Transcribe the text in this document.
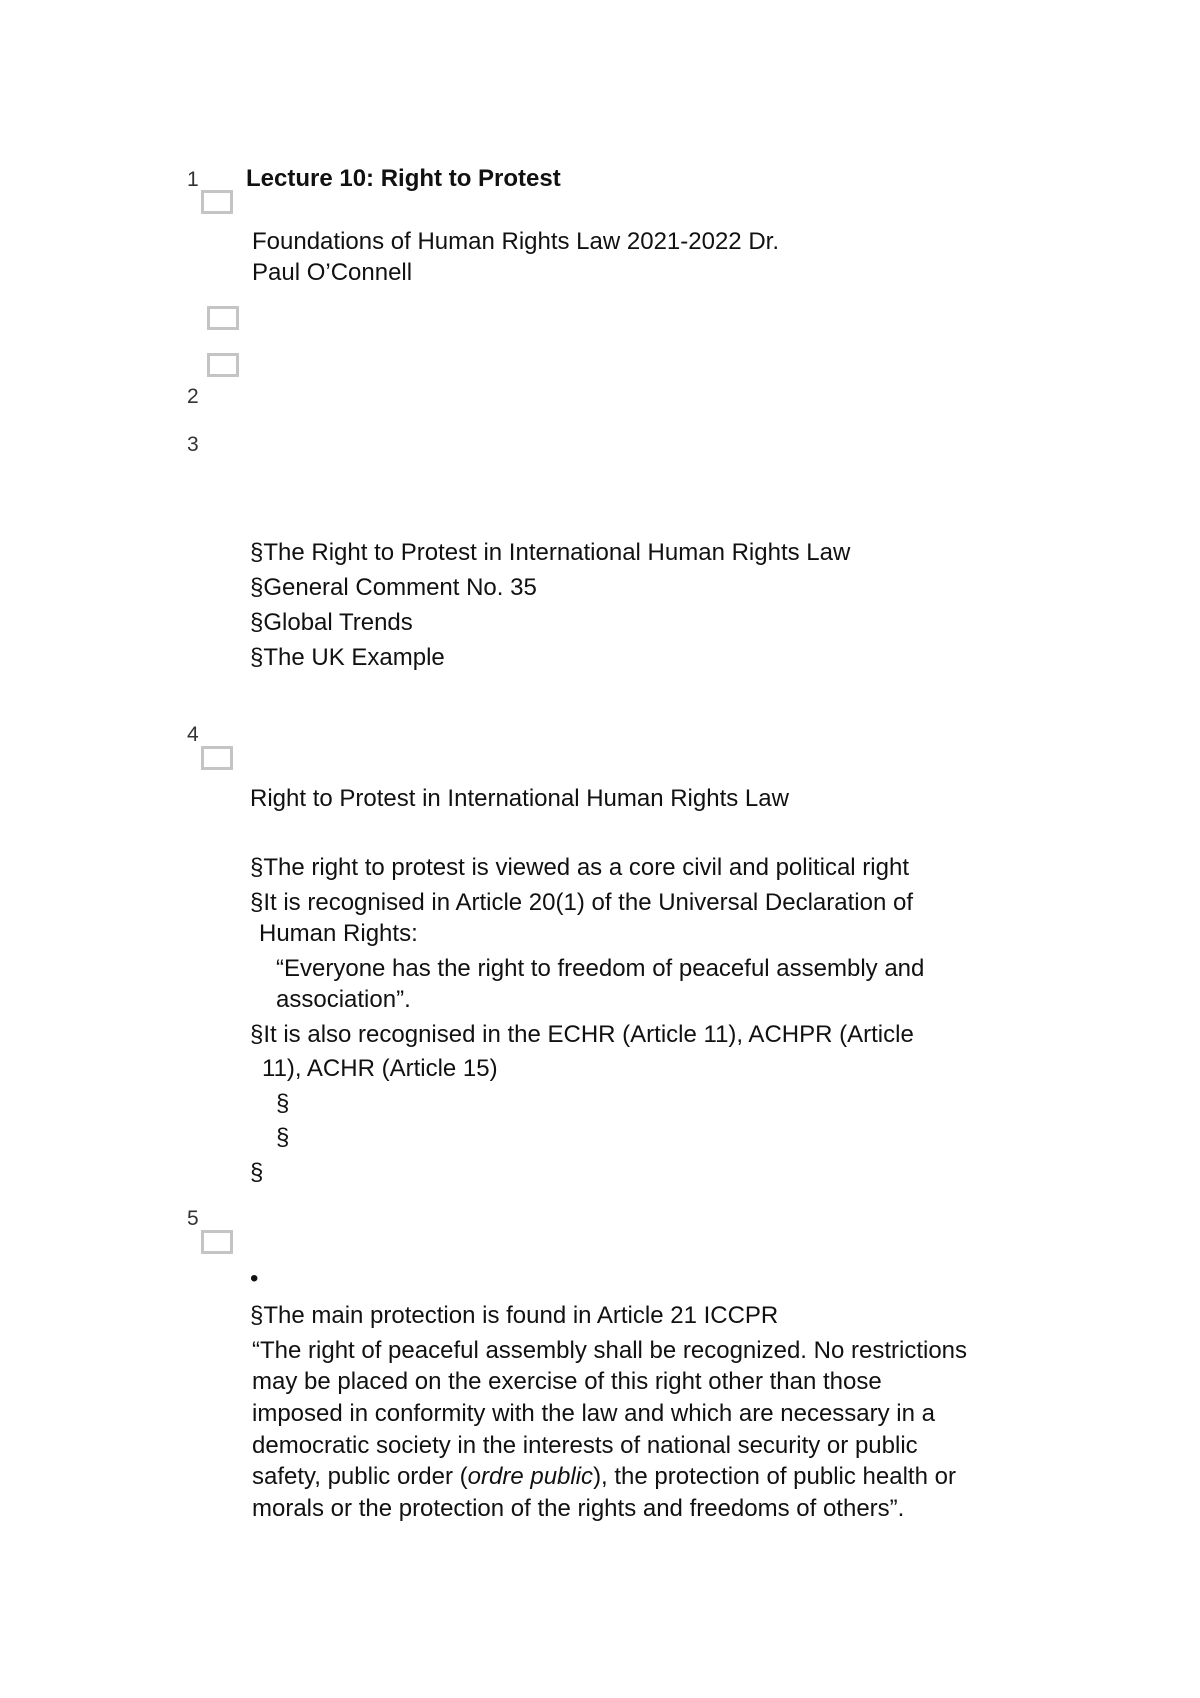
1 Lecture 10: Right to Protest
Foundations of Human Rights Law 2021-2022 Dr.
Paul O’Connell
2
3
§The Right to Protest in International Human Rights Law
§General Comment No. 35
§Global Trends
§The UK Example
4
Right to Protest in International Human Rights Law
§The right to protest is viewed as a core civil and political right
§It is recognised in Article 20(1) of the Universal Declaration of
Human Rights:
“Everyone has the right to freedom of peaceful assembly and
association”.
§It is also recognised in the ECHR (Article 11), ACHPR (Article
11), ACHR (Article 15)
§
§
§
5
•
§The main protection is found in Article 21 ICCPR
“The right of peaceful assembly shall be recognized. No restrictions
may be placed on the exercise of this right other than those
imposed in conformity with the law and which are necessary in a
democratic society in the interests of national security or public
safety, public order (ordre public), the protection of public health or
morals or the protection of the rights and freedoms of others”.
